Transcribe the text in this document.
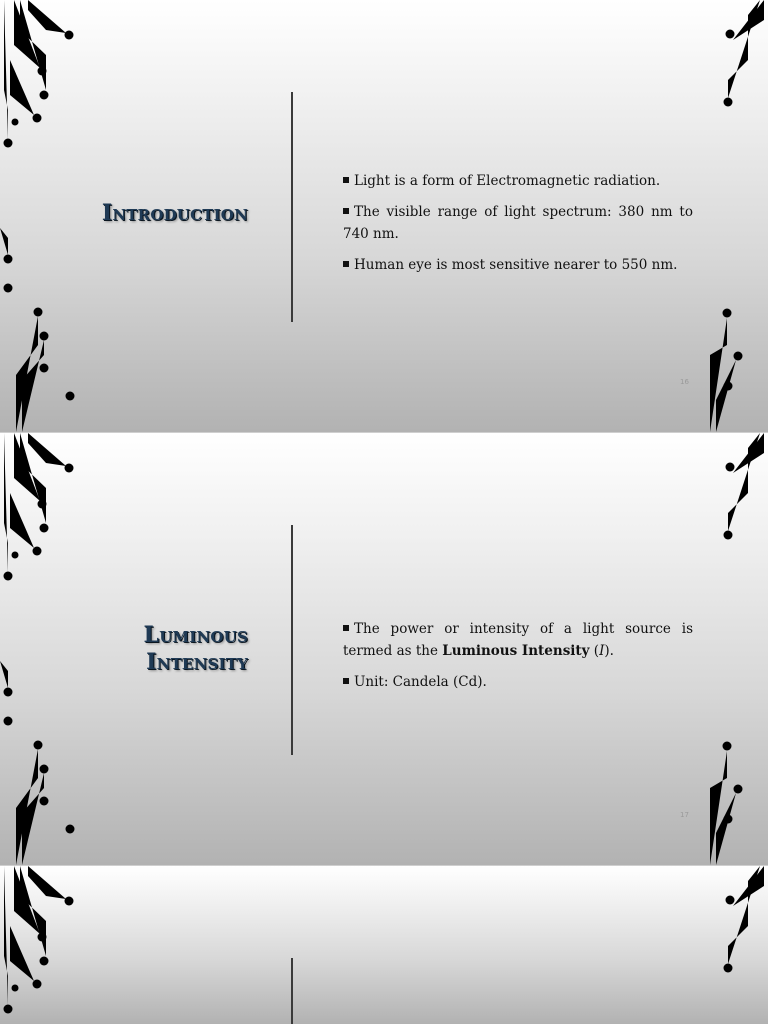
Introduction
Light is a form of Electromagnetic radiation.
The visible range of light spectrum: 380 nm to 740 nm.
Human eye is most sensitive nearer to 550 nm.
16
Luminous
Intensity
The power or intensity of a light source is termed as the Luminous Intensity (I).
Unit: Candela (Cd).
17
